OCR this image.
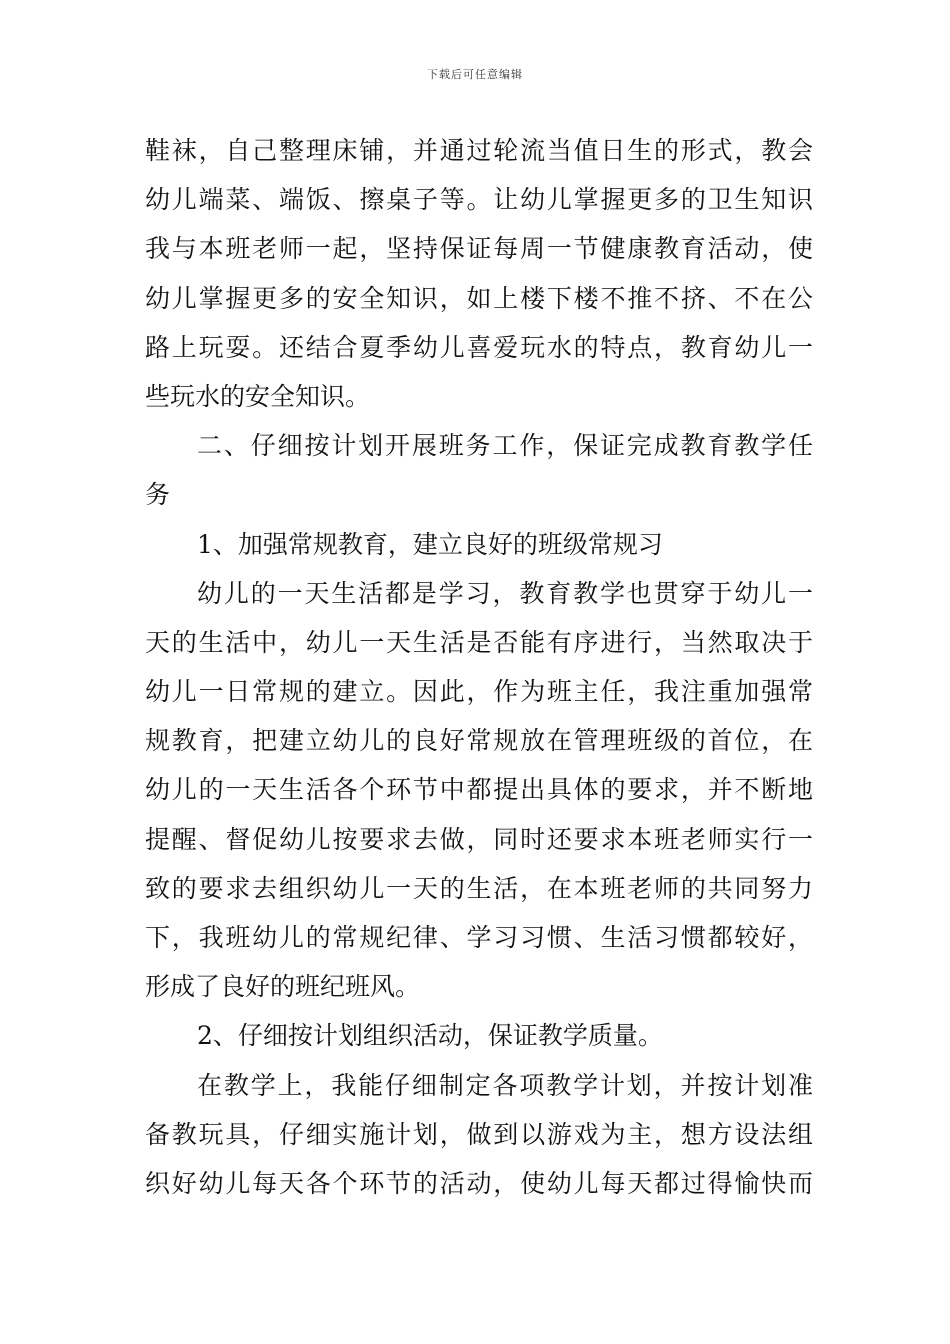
下载后可任意编辑
鞋袜，自己整理床铺，并通过轮流当值日生的形式，教会
幼儿端菜、端饭、擦桌子等。让幼儿掌握更多的卫生知识
我与本班老师一起，坚持保证每周一节健康教育活动，使
幼儿掌握更多的安全知识，如上楼下楼不推不挤、不在公
路上玩耍。还结合夏季幼儿喜爱玩水的特点，教育幼儿一
些玩水的安全知识。
二、仔细按计划开展班务工作，保证完成教育教学任
务
1、加强常规教育，建立良好的班级常规习
幼儿的一天生活都是学习，教育教学也贯穿于幼儿一
天的生活中，幼儿一天生活是否能有序进行，当然取决于
幼儿一日常规的建立。因此，作为班主任，我注重加强常
规教育，把建立幼儿的良好常规放在管理班级的首位，在
幼儿的一天生活各个环节中都提出具体的要求，并不断地
提醒、督促幼儿按要求去做，同时还要求本班老师实行一
致的要求去组织幼儿一天的生活，在本班老师的共同努力
下，我班幼儿的常规纪律、学习习惯、生活习惯都较好，
形成了良好的班纪班风。
2、仔细按计划组织活动，保证教学质量。
在教学上，我能仔细制定各项教学计划，并按计划准
备教玩具，仔细实施计划，做到以游戏为主，想方设法组
织好幼儿每天各个环节的活动，使幼儿每天都过得愉快而
